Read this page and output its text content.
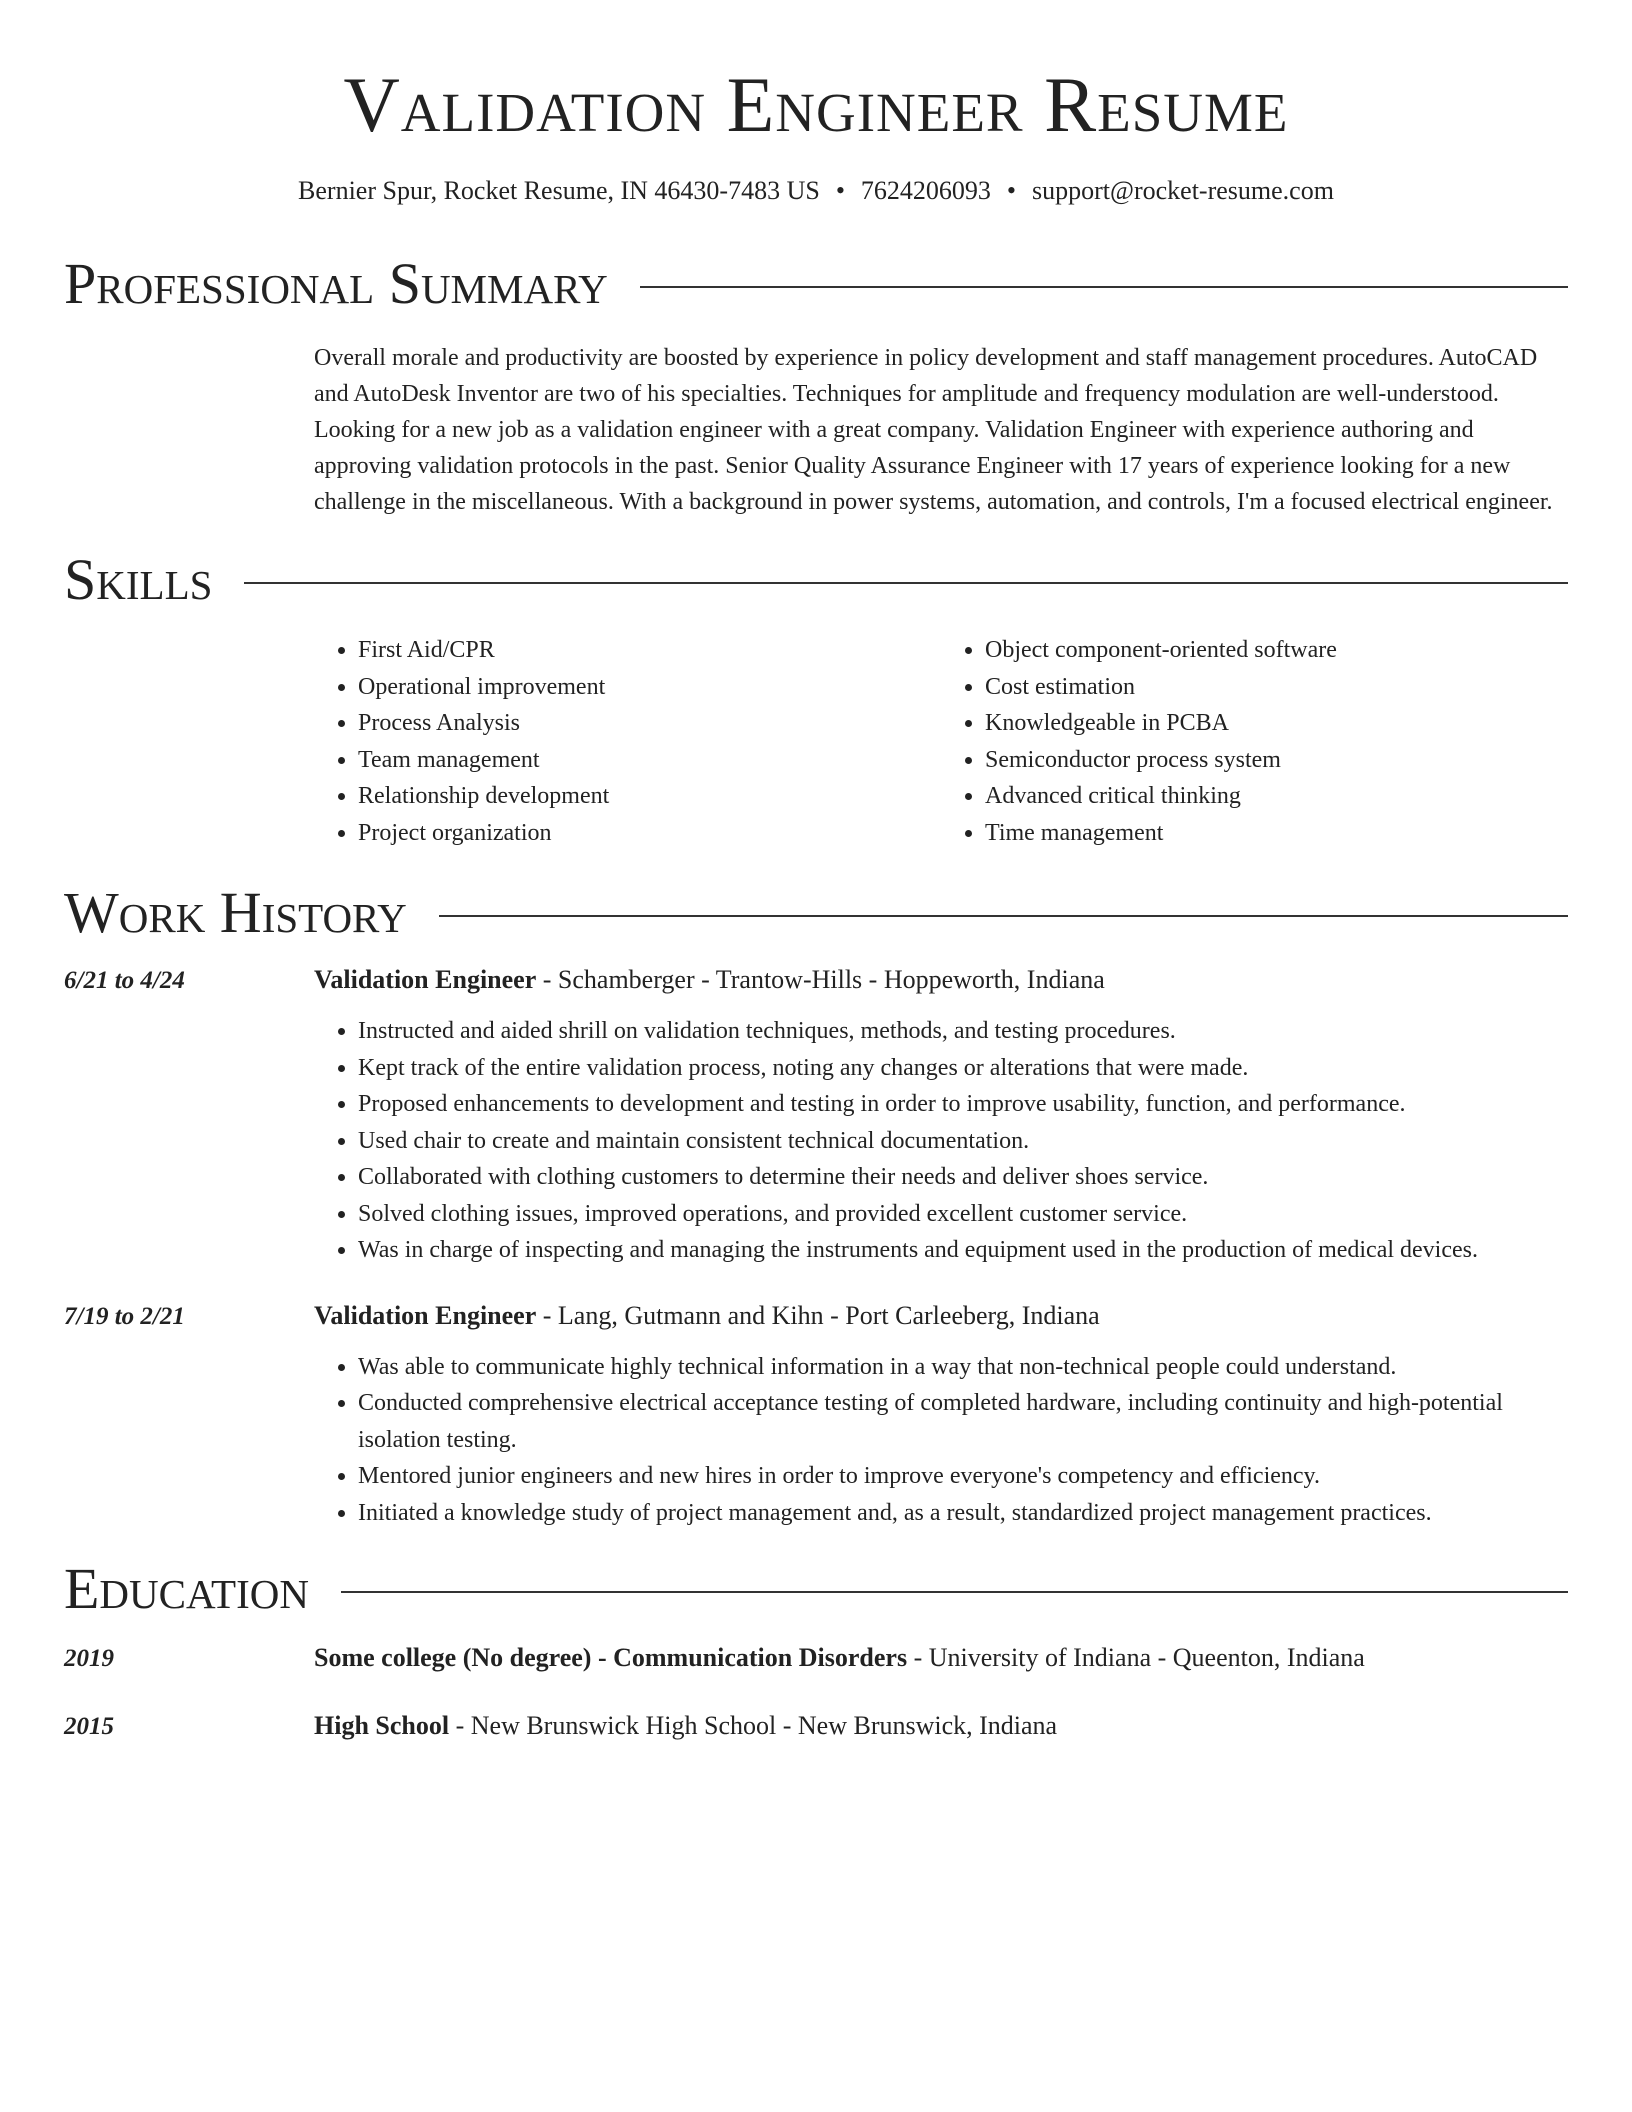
Validation Engineer Resume
Bernier Spur, Rocket Resume, IN 46430-7483 US • 7624206093 • support@rocket-resume.com
Professional Summary
Overall morale and productivity are boosted by experience in policy development and staff management procedures. AutoCAD and AutoDesk Inventor are two of his specialties. Techniques for amplitude and frequency modulation are well-understood. Looking for a new job as a validation engineer with a great company. Validation Engineer with experience authoring and approving validation protocols in the past. Senior Quality Assurance Engineer with 17 years of experience looking for a new challenge in the miscellaneous. With a background in power systems, automation, and controls, I'm a focused electrical engineer.
Skills
• First Aid/CPR
• Operational improvement
• Process Analysis
• Team management
• Relationship development
• Project organization
• Object component-oriented software
• Cost estimation
• Knowledgeable in PCBA
• Semiconductor process system
• Advanced critical thinking
• Time management
Work History
6/21 to 4/24	Validation Engineer - Schamberger - Trantow-Hills - Hoppeworth, Indiana
• Instructed and aided shrill on validation techniques, methods, and testing procedures.
• Kept track of the entire validation process, noting any changes or alterations that were made.
• Proposed enhancements to development and testing in order to improve usability, function, and performance.
• Used chair to create and maintain consistent technical documentation.
• Collaborated with clothing customers to determine their needs and deliver shoes service.
• Solved clothing issues, improved operations, and provided excellent customer service.
• Was in charge of inspecting and managing the instruments and equipment used in the production of medical devices.
7/19 to 2/21	Validation Engineer - Lang, Gutmann and Kihn - Port Carleeberg, Indiana
• Was able to communicate highly technical information in a way that non-technical people could understand.
• Conducted comprehensive electrical acceptance testing of completed hardware, including continuity and high-potential isolation testing.
• Mentored junior engineers and new hires in order to improve everyone's competency and efficiency.
• Initiated a knowledge study of project management and, as a result, standardized project management practices.
Education
2019	Some college (No degree) - Communication Disorders - University of Indiana - Queenton, Indiana
2015	High School - New Brunswick High School - New Brunswick, Indiana
